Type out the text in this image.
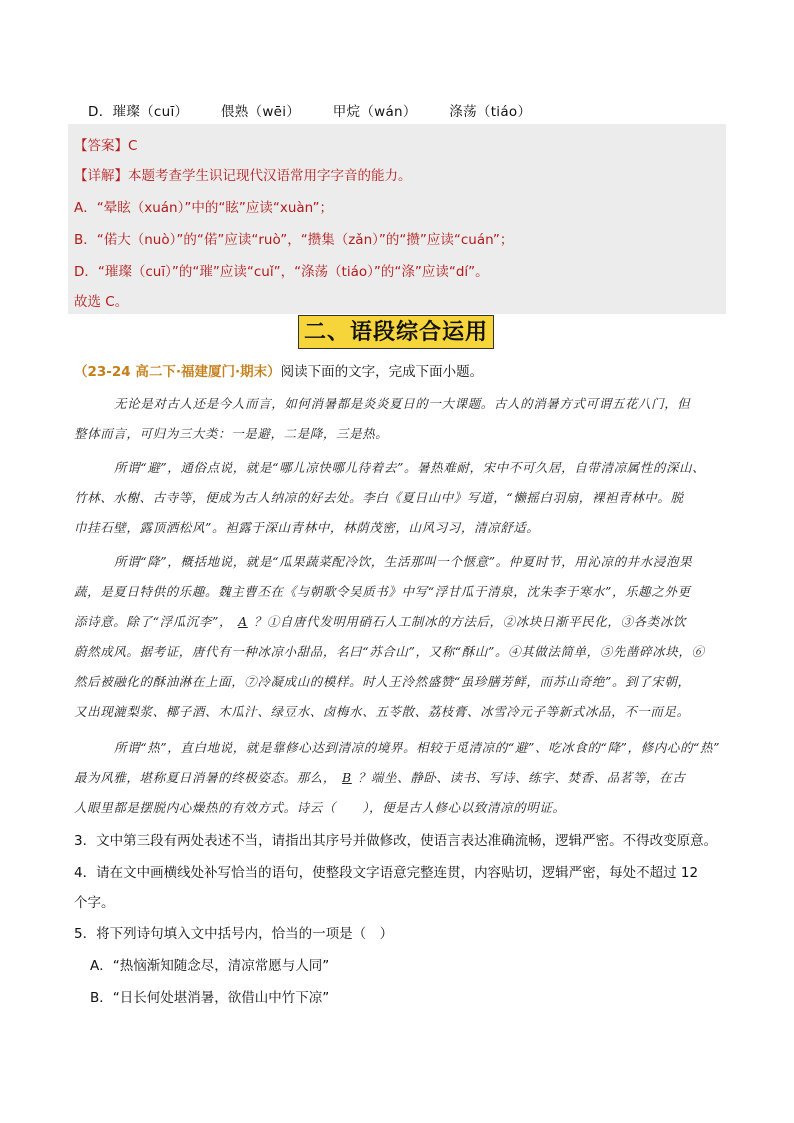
D．璀璨（cuī） 偎熟（wēi） 甲烷（wán） 涤荡（tiáo）
【答案】C
【详解】本题考查学生识记现代汉语常用字字音的能力。
A．“晕眩（xuán）”中的“眩”应读“xuàn”；
B．“偌大（nuò）”的“偌”应读“ruò”，“攒集（zǎn）”的“攒”应读“cuán”；
D．“璀璨（cuī）”的“璀”应读“cuǐ”，“涤荡（tiáo）”的“涤”应读“dí”。
故选 C。
二、语段综合运用
（23-24 高二下·福建厦门·期末）阅读下面的文字，完成下面小题。
无论是对古人还是今人而言，如何消暑都是炎炎夏日的一大课题。古人的消暑方式可谓五花八门，但
整体而言，可归为三大类：一是避，二是降，三是热。
所谓“避”，通俗点说，就是“哪儿凉快哪儿待着去”。暑热难耐，宋中不可久居，自带清凉属性的深山、
竹林、水榭、古寺等，便成为古人纳凉的好去处。李白《夏日山中》写道，“懒摇白羽扇，裸袒青林中。脱
巾挂石壁，露顶洒松风”。袒露于深山青林中，林荫茂密，山风习习，清凉舒适。
所谓“降”，概括地说，就是“瓜果蔬菜配冷饮，生活那叫一个惬意”。仲夏时节，用沁凉的井水浸泡果
蔬，是夏日特供的乐趣。魏主曹丕在《与朝歌令吴质书》中写“浮甘瓜于清泉，沈朱李于寒水”，乐趣之外更
添诗意。除了“浮瓜沉李”， A ？①自唐代发明用硝石人工制冰的方法后，②冰块日渐平民化，③各类冰饮
蔚然成风。据考证，唐代有一种冰凉小甜品，名曰“苏合山”，又称“酥山”。④其做法简单，⑤先凿碎冰块，⑥
然后被融化的酥油淋在上面，⑦冷凝成山的模样。时人王泠然盛赞“虽珍膳芳鲜，而苏山奇绝”。到了宋朝，
又出现漉梨浆、椰子酒、木瓜汁、绿豆水、卤梅水、五苓散、荔枝膏、冰雪冷元子等新式冰品，不一而足。
所谓“热”，直白地说，就是靠修心达到清凉的境界。相较于觅清凉的“避”、吃冰食的“降”，修内心的“热”
最为风雅，堪称夏日消暑的终极姿态。那么， B ？端坐、静卧、读书、写诗、练字、焚香、品茗等，在古
人眼里都是摆脱内心燥热的有效方式。诗云（　　），便是古人修心以致清凉的明证。
3．文中第三段有两处表述不当，请指出其序号并做修改，使语言表达准确流畅，逻辑严密。不得改变原意。
4．请在文中画横线处补写恰当的语句，使整段文字语意完整连贯，内容贴切，逻辑严密，每处不超过 12
个字。
5．将下列诗句填入文中括号内，恰当的一项是（　）
A．“热恼渐知随念尽，清凉常愿与人同”
B．“日长何处堪消暑，欲借山中竹下凉”
